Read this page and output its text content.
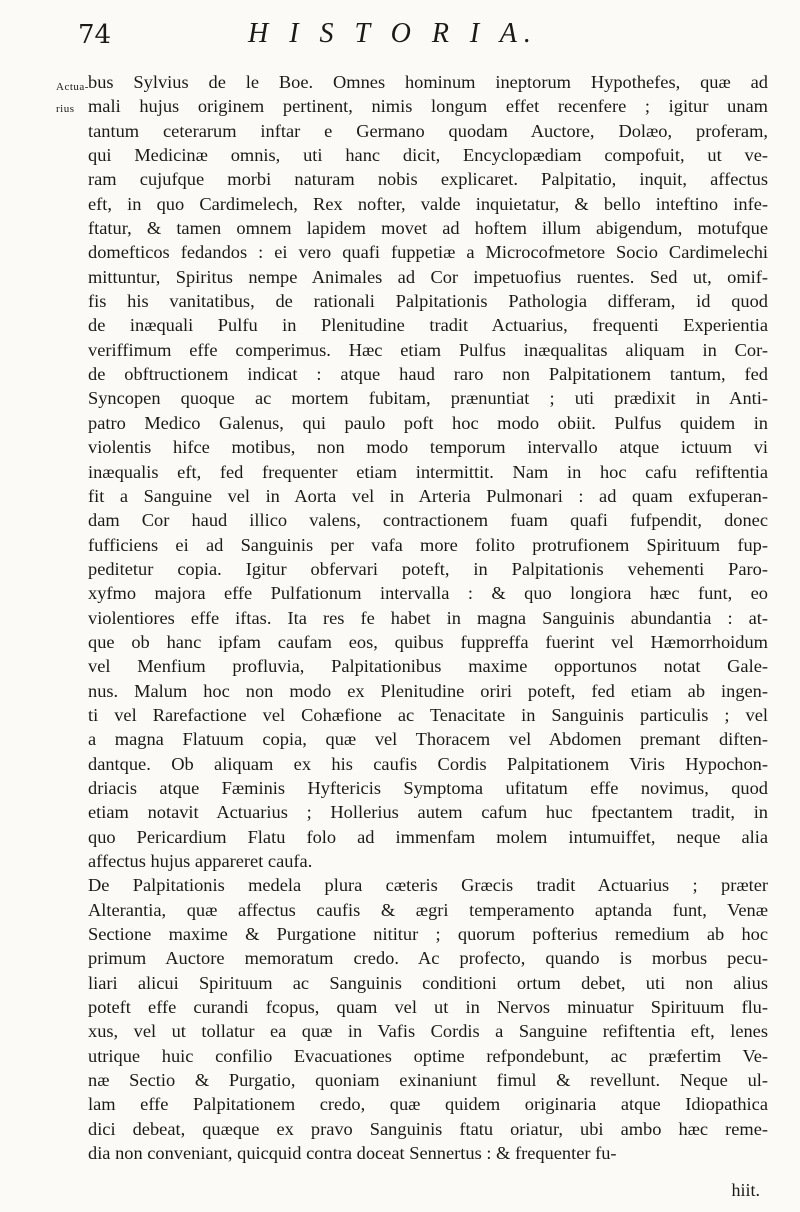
74	H I S T O R I A.
Actua-rius
bus Sylvius de le Boe. Omnes hominum ineptorum Hypothefes, quæ ad
mali hujus originem pertinent, nimis longum effet recenfere ; igitur unam
tantum ceterarum inftar e Germano quodam Auctore, Dolæo, proferam,
qui Medicinæ omnis, uti hanc dicit, Encyclopædiam compofuit, ut ve-
ram cujufque morbi naturam nobis explicaret. Palpitatio, inquit, affectus
eft, in quo Cardimelech, Rex nofter, valde inquietatur, & bello inteftino infe-
ftatur, & tamen omnem lapidem movet ad hoftem illum abigendum, motufque
domefticos fedandos : ei vero quafi fuppetiæ a Microcofmetore Socio Cardimelechi
mittuntur, Spiritus nempe Animales ad Cor impetuofius ruentes. Sed ut, omif-
fis his vanitatibus, de rationali Palpitationis Pathologia differam, id quod
de inæquali Pulfu in Plenitudine tradit Actuarius, frequenti Experientia
veriffimum effe comperimus. Hæc etiam Pulfus inæqualitas aliquam in Cor-
de obftructionem indicat : atque haud raro non Palpitationem tantum, fed
Syncopen quoque ac mortem fubitam, prænuntiat ; uti prædixit in Anti-
patro Medico Galenus, qui paulo poft hoc modo obiit. Pulfus quidem in
violentis hifce motibus, non modo temporum intervallo atque ictuum vi
inæqualis eft, fed frequenter etiam intermittit. Nam in hoc cafu refiftentia
fit a Sanguine vel in Aorta vel in Arteria Pulmonari : ad quam exfuperan-
dam Cor haud illico valens, contractionem fuam quafi fufpendit, donec
fufficiens ei ad Sanguinis per vafa more folito protrufionem Spirituum fup-
peditetur copia. Igitur obfervari poteft, in Palpitationis vehementi Paro-
xyfmo majora effe Pulfationum intervalla : & quo longiora hæc funt, eo
violentiores effe iftas. Ita res fe habet in magna Sanguinis abundantia : at-
que ob hanc ipfam caufam eos, quibus fuppreffa fuerint vel Hæmorrhoidum
vel Menfium profluvia, Palpitationibus maxime opportunos notat Gale-
nus. Malum hoc non modo ex Plenitudine oriri poteft, fed etiam ab ingen-
ti vel Rarefactione vel Cohæfione ac Tenacitate in Sanguinis particulis ; vel
a magna Flatuum copia, quæ vel Thoracem vel Abdomen premant diften-
dantque. Ob aliquam ex his caufis Cordis Palpitationem Viris Hypochon-
driacis atque Fæminis Hyftericis Symptoma ufitatum effe novimus, quod
etiam notavit Actuarius ; Hollerius autem cafum huc fpectantem tradit, in
quo Pericardium Flatu folo ad immenfam molem intumuiffet, neque alia
affectus hujus appareret caufa.
De Palpitationis medela plura cæteris Græcis tradit Actuarius ; præter
Alterantia, quæ affectus caufis & ægri temperamento aptanda funt, Venæ
Sectione maxime & Purgatione nititur ; quorum pofterius remedium ab hoc
primum Auctore memoratum credo. Ac profecto, quando is morbus pecu-
liari alicui Spirituum ac Sanguinis conditioni ortum debet, uti non alius
poteft effe curandi fcopus, quam vel ut in Nervos minuatur Spirituum flu-
xus, vel ut tollatur ea quæ in Vafis Cordis a Sanguine refiftentia eft, lenes
utrique huic confilio Evacuationes optime refpondebunt, ac præfertim Ve-
næ Sectio & Purgatio, quoniam exinaniunt fimul & revellunt. Neque ul-
lam effe Palpitationem credo, quæ quidem originaria atque Idiopathica
dici debeat, quæque ex pravo Sanguinis ftatu oriatur, ubi ambo hæc reme-
dia non conveniant, quicquid contra doceat Sennertus : & frequenter fu-
hiit.
